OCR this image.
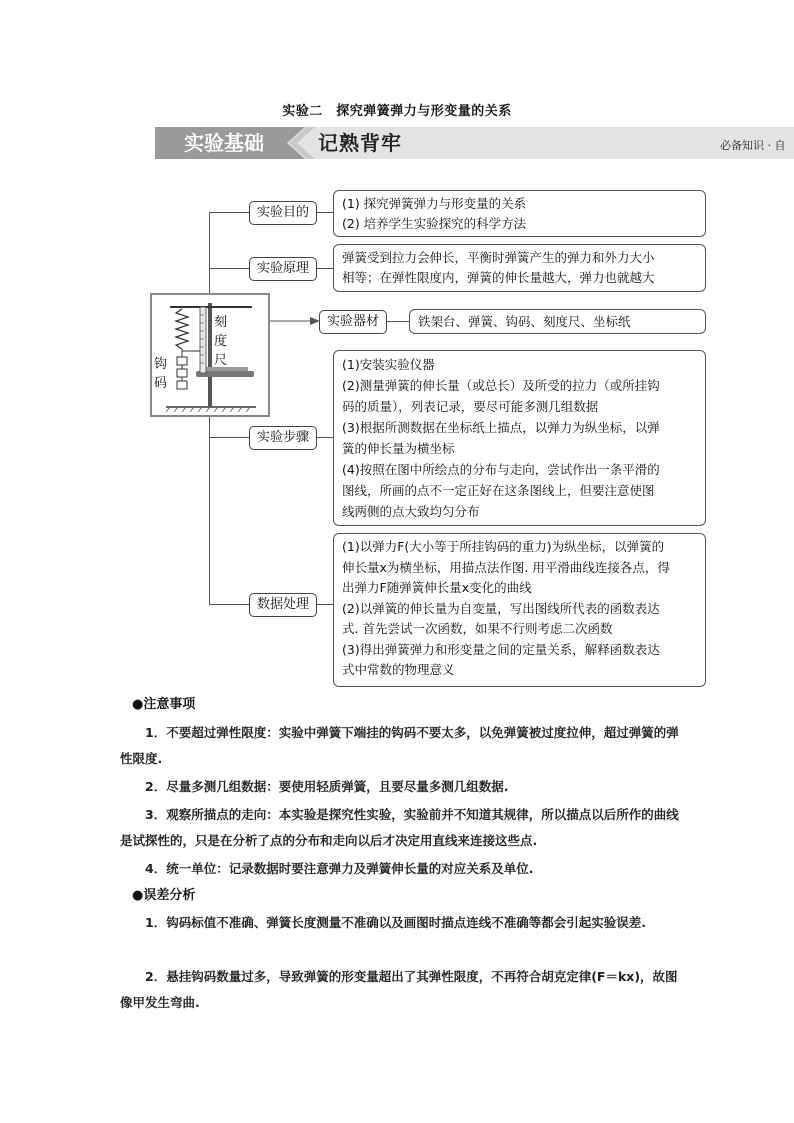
实验二　探究弹簧弹力与形变量的关系
实验基础	记熟背牢	必备知识 · 自
刻度尺
钩码
实验目的
实验原理
实验器材
实验步骤
数据处理

(1) 探究弹簧弹力与形变量的关系

(2) 培养学生实验探究的科学方法

弹簧受到拉力会伸长，平衡时弹簧产生的弹力和外力大小

相等；在弹性限度内，弹簧的伸长量越大，弹力也就越大

铁架台、弹簧、钩码、刻度尺、坐标纸

(1)安装实验仪器

(2)测量弹簧的伸长量（或总长）及所受的拉力（或所挂钩

码的质量），列表记录，要尽可能多测几组数据

(3)根据所测数据在坐标纸上描点，以弹力为纵坐标，以弹

簧的伸长量为横坐标

(4)按照在图中所绘点的分布与走向，尝试作出一条平滑的

图线，所画的点不一定正好在这条图线上，但要注意使图

线两侧的点大致均匀分布

(1)以弹力F(大小等于所挂钩码的重力)为纵坐标，以弹簧的

伸长量x为横坐标，用描点法作图. 用平滑曲线连接各点，得

出弹力F随弹簧伸长量x变化的曲线

(2)以弹簧的伸长量为自变量，写出图线所代表的函数表达

式. 首先尝试一次函数，如果不行则考虑二次函数

(3)得出弹簧弹力和形变量之间的定量关系，解释函数表达

式中常数的物理意义

●注意事项
1．不要超过弹性限度：实验中弹簧下端挂的钩码不要太多，以免弹簧被过度拉伸，超过弹簧的弹性限度.
2．尽量多测几组数据：要使用轻质弹簧，且要尽量多测几组数据.
3．观察所描点的走向：本实验是探究性实验，实验前并不知道其规律，所以描点以后所作的曲线是试探性的，只是在分析了点的分布和走向以后才决定用直线来连接这些点.
4．统一单位：记录数据时要注意弹力及弹簧伸长量的对应关系及单位.
●误差分析
1．钩码标值不准确、弹簧长度测量不准确以及画图时描点连线不准确等都会引起实验误差.
2．悬挂钩码数量过多，导致弹簧的形变量超出了其弹性限度，不再符合胡克定律(F＝kx)，故图像甲发生弯曲.
